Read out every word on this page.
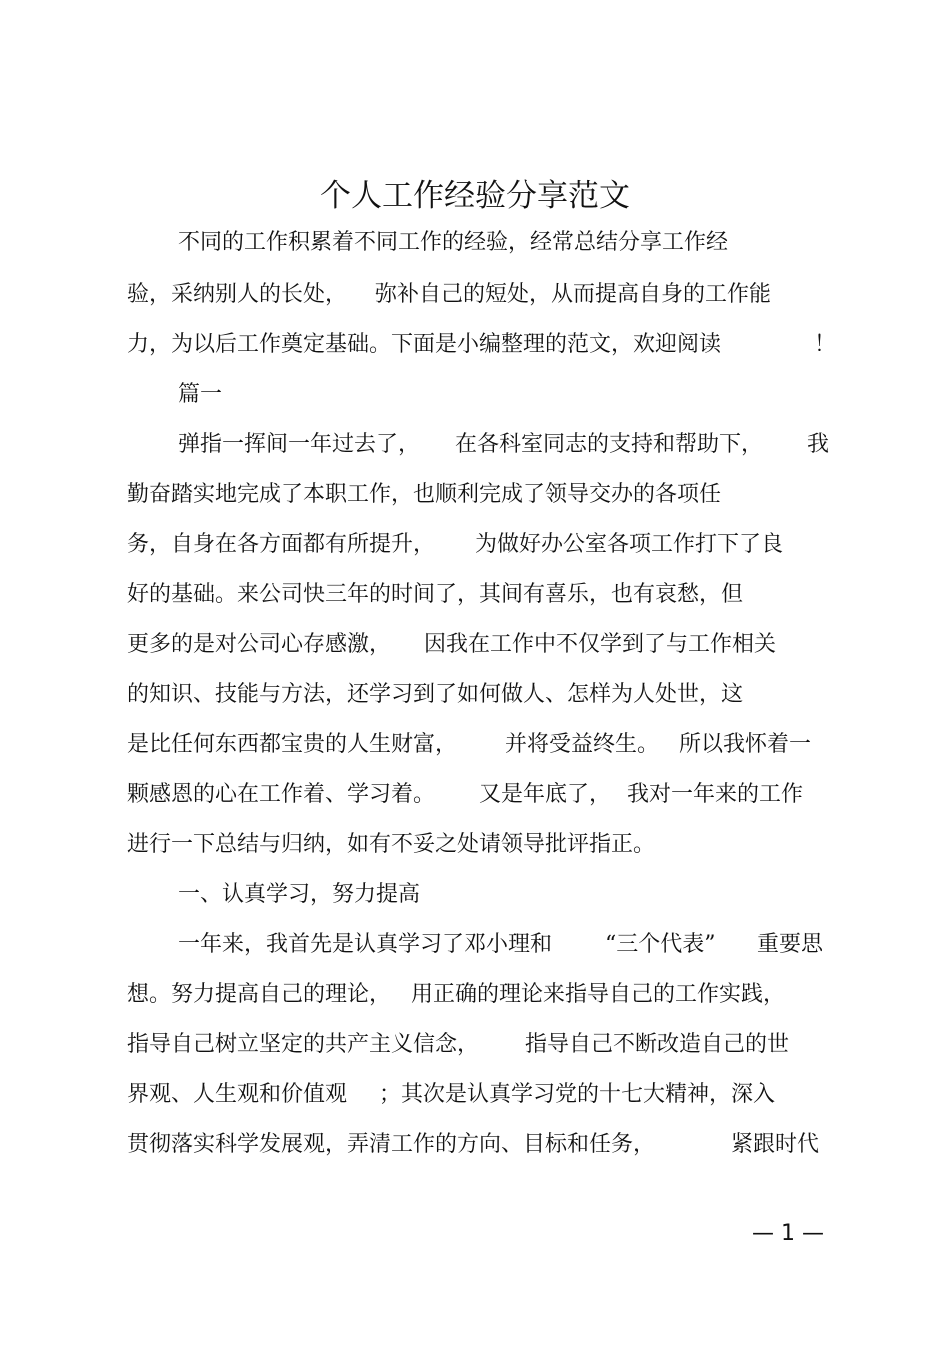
个人工作经验分享范文
不同的工作积累着不同工作的经验，经常总结分享工作经
验，采纳别人的长处， 弥补自己的短处，从而提高自身的工作能
力，为以后工作奠定基础。下面是小编整理的范文，欢迎阅读	！
篇一
弹指一挥间一年过去了， 在各科室同志的支持和帮助下， 我
勤奋踏实地完成了本职工作，也顺利完成了领导交办的各项任
务，自身在各方面都有所提升， 为做好办公室各项工作打下了良
好的基础。来公司快三年的时间了，其间有喜乐，也有哀愁，但
更多的是对公司心存感激， 因我在工作中不仅学到了与工作相关
的知识、技能与方法，还学习到了如何做人、怎样为人处世，这
是比任何东西都宝贵的人生财富， 并将受益终生。 所以我怀着一
颗感恩的心在工作着、学习着。 又是年底了， 我对一年来的工作
进行一下总结与归纳，如有不妥之处请领导批评指正。
一、认真学习，努力提高
一年来，我首先是认真学习了邓小理和 “三个代表” 重要思
想。努力提高自己的理论， 用正确的理论来指导自己的工作实践，
指导自己树立坚定的共产主义信念， 指导自己不断改造自己的世
界观、人生观和价值观 ；其次是认真学习党的十七大精神，深入
贯彻落实科学发展观，弄清工作的方向、目标和任务，	紧跟时代
— 1 —
